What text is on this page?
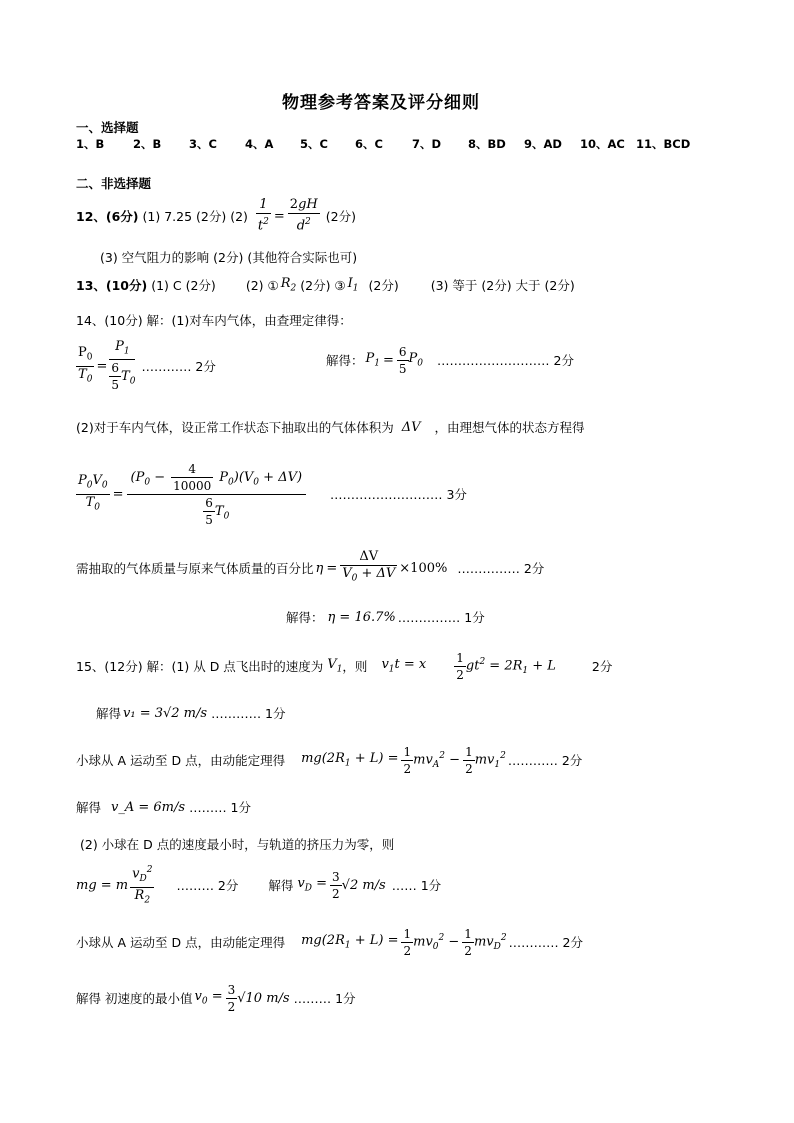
物理参考答案及评分细则
一、选择题
1、B 2、B 3、C 4、A 5、C 6、C	7、D 8、BD 9、AD 10、AC 11、BCD
二、非选择题
12、(6分) (1) 7.25 (2分) $(2) \frac{1}{t^2} = \frac{2gH}{d^2} (2$分)
(3) 空气阻力的影响 (2分) (其他符合实际也可)
13、(10分) (1) C (2分) (2) ① $R_2$ (2分) ③ $I_1$ (2分)	(3) 等于 (2分) 大于 (2分)
14、(10分) 解：(1)对车内气体，由查理定律得：
$\frac{P_0}{T_0} = \frac{P_1}{\frac{6}{5} T_0}$ ………… 2分	解得： $P_1 = \frac{6}{5} P_0$ ……………………… 2分
(2)对于车内气体，设正常工作状态下抽取出的气体体积为 ΔV ，由理想气体的状态方程得
$\frac{P_0V_0}{T_0} = \frac{(P_0 - \frac{4}{10000} P_0)(V_0 + \Delta V)}{\frac{6}{5} T_0}$ ……………………… 3分
需抽取的气体质量与原来气体质量的百分比 $\eta = \frac{\Delta V}{V_0 + \Delta V} \times 100\%$ …………… 2分
解得： η = 16.7% …………… 1分
15、(12分) 解：(1) 从 D 点飞出时的速度为 $V_1$ ，则 $v_1t = x$	1
2
$gt^2 = 2R_1 + L$	2分
解得 v₁ = 3√2 m/s ………… 1分
小球从 A 运动至 D 点，由动能定理得 $mg(2R_1 + L) = \frac{1}{2} mv_A^2 - \frac{1}{2} mv_1^2$ ………… 2分
解得 v_A = 6m/s ……… 1分
(2) 小球在 D 点的速度最小时，与轨道的挤压力为零，则
mg = m
$v_D^2$
$R_2$
……… 2分 解得 $v_D = \frac{3}{2} √2$ m/s …… 1分
小球从 A 运动至 D 点，由动能定理得 $mg(2R_1 + L) = \frac{1}{2} mv_0^2 - \frac{1}{2} mv_D^2$ ………… 2分
解得 初速度的最小值 $v_0 = \frac{3}{2} √10$ m/s ……… 1分
